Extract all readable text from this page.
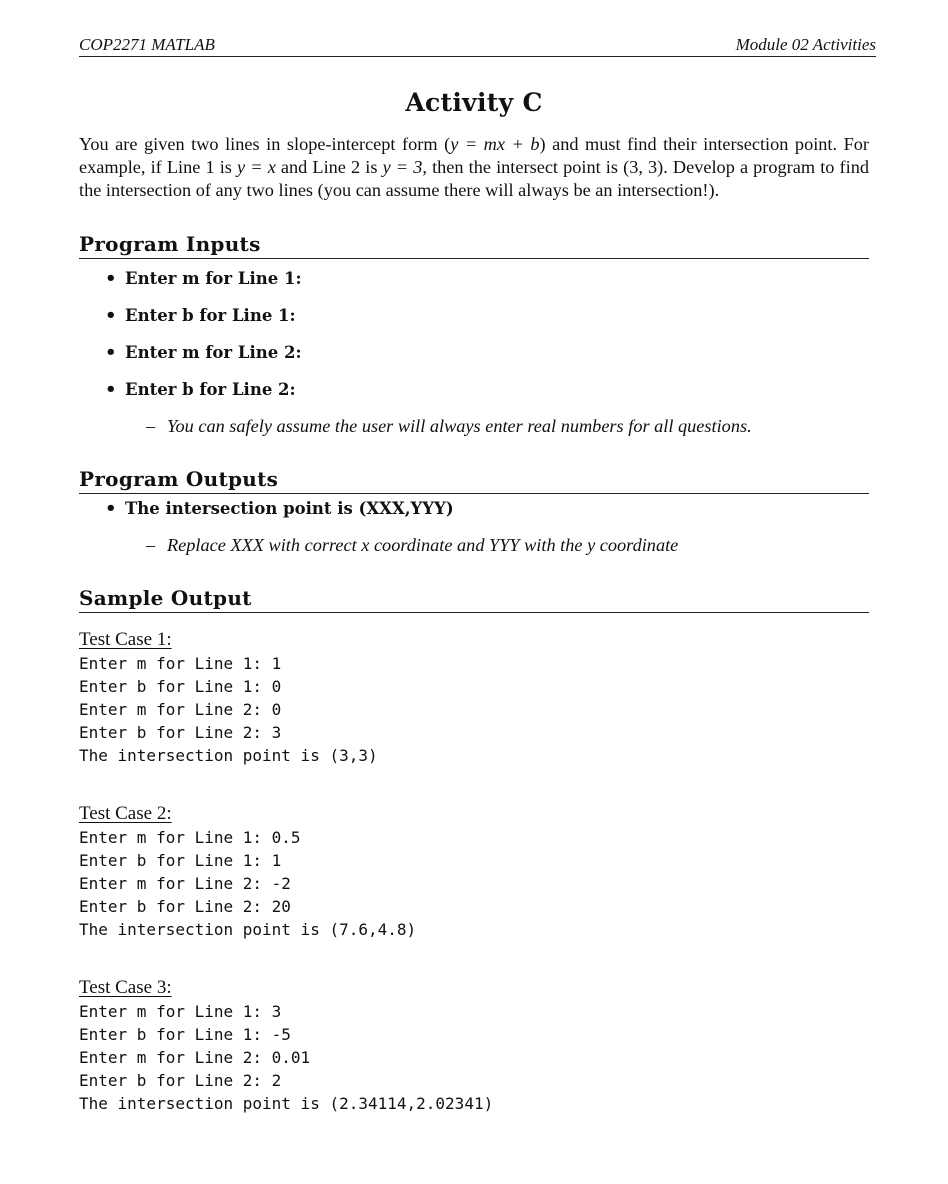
COP2271 MATLAB	Module 02 Activities
Activity C
You are given two lines in slope-intercept form (y = mx + b) and must find their intersection point. For example, if Line 1 is y = x and Line 2 is y = 3, then the intersect point is (3, 3). Develop a program to find the intersection of any two lines (you can assume there will always be an intersection!).
Program Inputs
• Enter m for Line 1:
• Enter b for Line 1:
• Enter m for Line 2:
• Enter b for Line 2:
– You can safely assume the user will always enter real numbers for all questions.
Program Outputs
• The intersection point is (XXX,YYY)
– Replace XXX with correct x coordinate and YYY with the y coordinate
Sample Output
Test Case 1:
Enter m for Line 1: 1
Enter b for Line 1: 0
Enter m for Line 2: 0
Enter b for Line 2: 3
The intersection point is (3,3)
Test Case 2:
Enter m for Line 1: 0.5
Enter b for Line 1: 1
Enter m for Line 2: -2
Enter b for Line 2: 20
The intersection point is (7.6,4.8)
Test Case 3:
Enter m for Line 1: 3
Enter b for Line 1: -5
Enter m for Line 2: 0.01
Enter b for Line 2: 2
The intersection point is (2.34114,2.02341)
